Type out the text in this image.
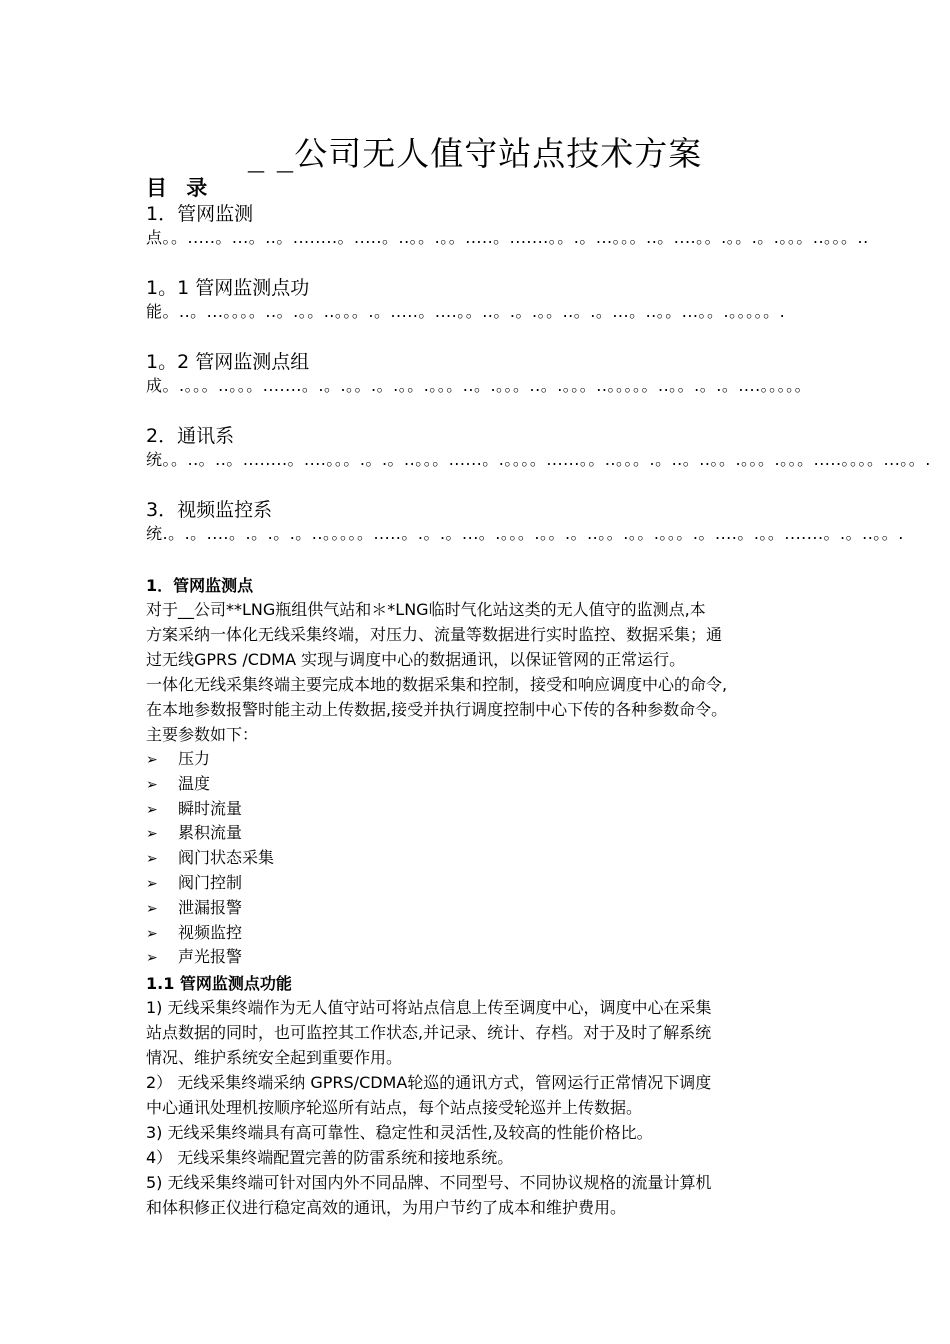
_ _公司无人值守站点技术方案
目 录
1．管网监测
点。。.....。...。..。........。.....。..。。.。。.....。.......。。.。...。。。..。....。。.。。.。.。。。..。。。..
1。1 管网监测点功
能。..。...。。。。..。.。。..。。。.。.....。....。。..。.。.。。..。.。...。..。。...。。.。。。。。.
1。2 管网监测点组
成。.。。。..。。。.......。.。.。。.。.。。.。。。..。.。。。..。.。。。..。。。。。..。。.。.。....。。。。。
2．通讯系
统。。..。..。........。....。。。.。.。..。。。......。.。。。。......。。..。。。.。..。..。。.。。。.。。。.....。。。。...。。.
3．视频监控系
统.。.。....。.。.。.。..。。。。。.....。.。.。...。.。。。.。。.。..。。.。。.。。。.。....。.。。.......。.。..。。.
1．管网监测点
对于__公司**LNG瓶组供气站和＊*LNG临时气化站这类的无人值守的监测点,本
方案采纳一体化无线采集终端，对压力、流量等数据进行实时监控、数据采集；通
过无线GPRS /CDMA 实现与调度中心的数据通讯，以保证管网的正常运行。
一体化无线采集终端主要完成本地的数据采集和控制，接受和响应调度中心的命令,
在本地参数报警时能主动上传数据,接受并执行调度控制中心下传的各种参数命令。
主要参数如下：
➢ 压力
➢ 温度
➢ 瞬时流量
➢ 累积流量
➢ 阀门状态采集
➢ 阀门控制
➢ 泄漏报警
➢ 视频监控
➢ 声光报警
1.1 管网监测点功能
1) 无线采集终端作为无人值守站可将站点信息上传至调度中心，调度中心在采集
站点数据的同时，也可监控其工作状态,并记录、统计、存档。对于及时了解系统
情况、维护系统安全起到重要作用。
2） 无线采集终端采纳 GPRS/CDMA轮巡的通讯方式，管网运行正常情况下调度
中心通讯处理机按顺序轮巡所有站点，每个站点接受轮巡并上传数据。
3) 无线采集终端具有高可靠性、稳定性和灵活性,及较高的性能价格比。
4） 无线采集终端配置完善的防雷系统和接地系统。
5) 无线采集终端可针对国内外不同品牌、不同型号、不同协议规格的流量计算机
和体积修正仪进行稳定高效的通讯，为用户节约了成本和维护费用。
